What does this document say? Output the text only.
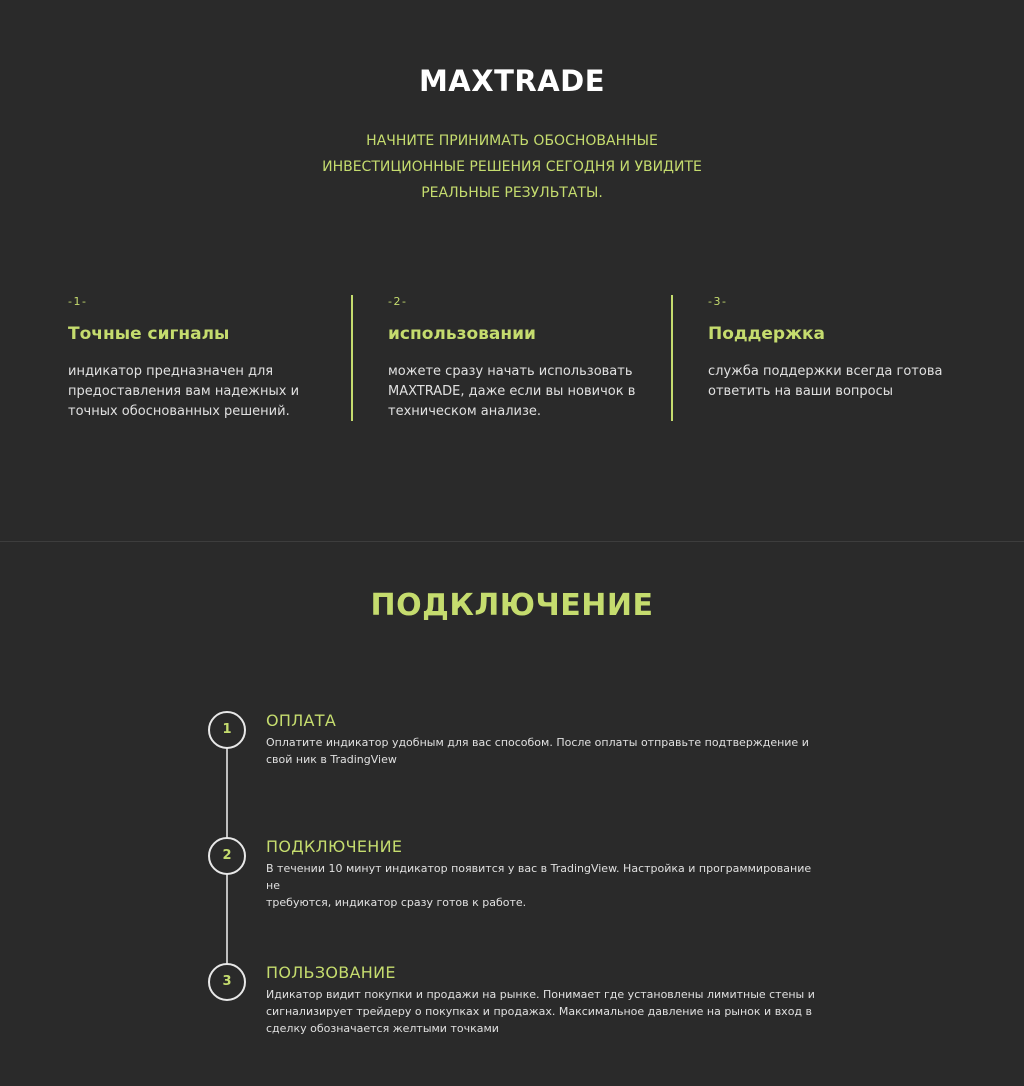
MAXTRADE
НАЧНИТЕ ПРИНИМАТЬ ОБОСНОВАННЫЕ
ИНВЕСТИЦИОННЫЕ РЕШЕНИЯ СЕГОДНЯ И УВИДИТЕ
РЕАЛЬНЫЕ РЕЗУЛЬТАТЫ.
-1-
Точные сигналы
индикатор предназначен для
предоставления вам надежных и
точных обоснованных решений.
-2-
использовании
можете сразу начать использовать
MAXTRADE, даже если вы новичок в
техническом анализе.
-3-
Поддержка
служба поддержки всегда готова
ответить на ваши вопросы
ПОДКЛЮЧЕНИЕ
1	ОПЛАТА
Оплатите индикатор удобным для вас способом. После оплаты отправьте подтверждение и
свой ник в TradingView
2	ПОДКЛЮЧЕНИЕ
В течении 10 минут индикатор появится у вас в TradingView. Настройка и программирование не
требуются, индикатор сразу готов к работе.
3	ПОЛЬЗОВАНИЕ
Идикатор видит покупки и продажи на рынке. Понимает где установлены лимитные стены и
сигнализирует трейдеру о покупках и продажах. Максимальное давление на рынок и вход в
сделку обозначается желтыми точками
